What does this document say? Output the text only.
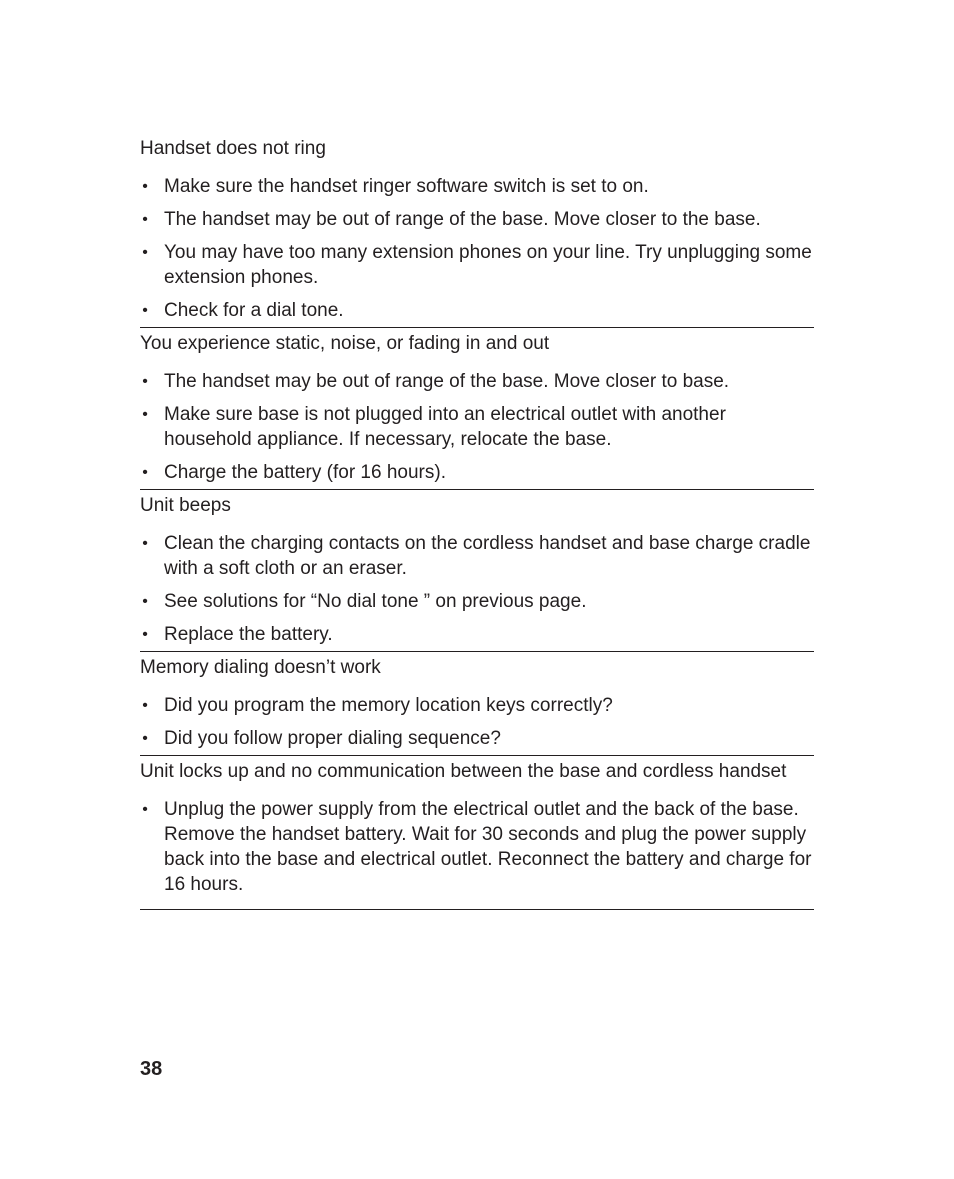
Handset does not ring
• Make sure the handset ringer software switch is set to on.
• The handset may be out of range of the base. Move closer to the base.
• You may have too many extension phones on your line. Try unplugging some extension phones.
• Check for a dial tone.
You experience static, noise, or fading in and out
• The handset may be out of range of the base. Move closer to base.
• Make sure base is not plugged into an electrical outlet with another household appliance. If necessary, relocate the base.
• Charge the battery (for 16 hours).
Unit beeps
• Clean the charging contacts on the cordless handset and base charge cradle with a soft cloth or an eraser.
• See solutions for “No dial tone ” on previous page.
• Replace the battery.
Memory dialing doesn’t work
• Did you program the memory location keys correctly?
• Did you follow proper dialing sequence?
Unit locks up and no communication between the base and cordless handset
• Unplug the power supply from the electrical outlet and the back of the base. Remove the handset battery. Wait for 30 seconds and plug the power supply back into the base and electrical outlet. Reconnect the battery and charge for 16 hours.
38
